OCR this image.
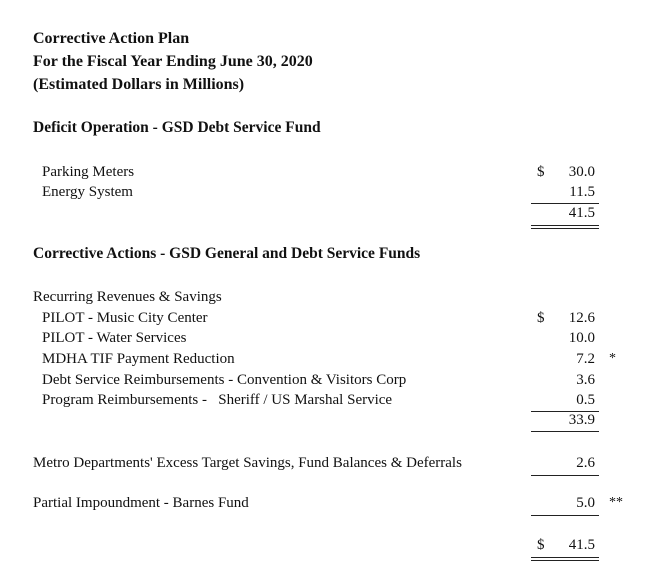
Corrective Action Plan
For the Fiscal Year Ending June 30, 2020
(Estimated Dollars in Millions)
Deficit Operation - GSD Debt Service Fund
Parking Meters	$	30.0
Energy System	11.5
41.5
Corrective Actions - GSD General and Debt Service Funds
Recurring Revenues & Savings
PILOT - Music City Center	$	12.6
PILOT - Water Services	10.0
MDHA TIF Payment Reduction	7.2 *
Debt Service Reimbursements - Convention & Visitors Corp	3.6
Program Reimbursements -   Sheriff / US Marshal Service	0.5
33.9
Metro Departments' Excess Target Savings, Fund Balances & Deferrals	2.6
Partial Impoundment - Barnes Fund	5.0 **
$	41.5
